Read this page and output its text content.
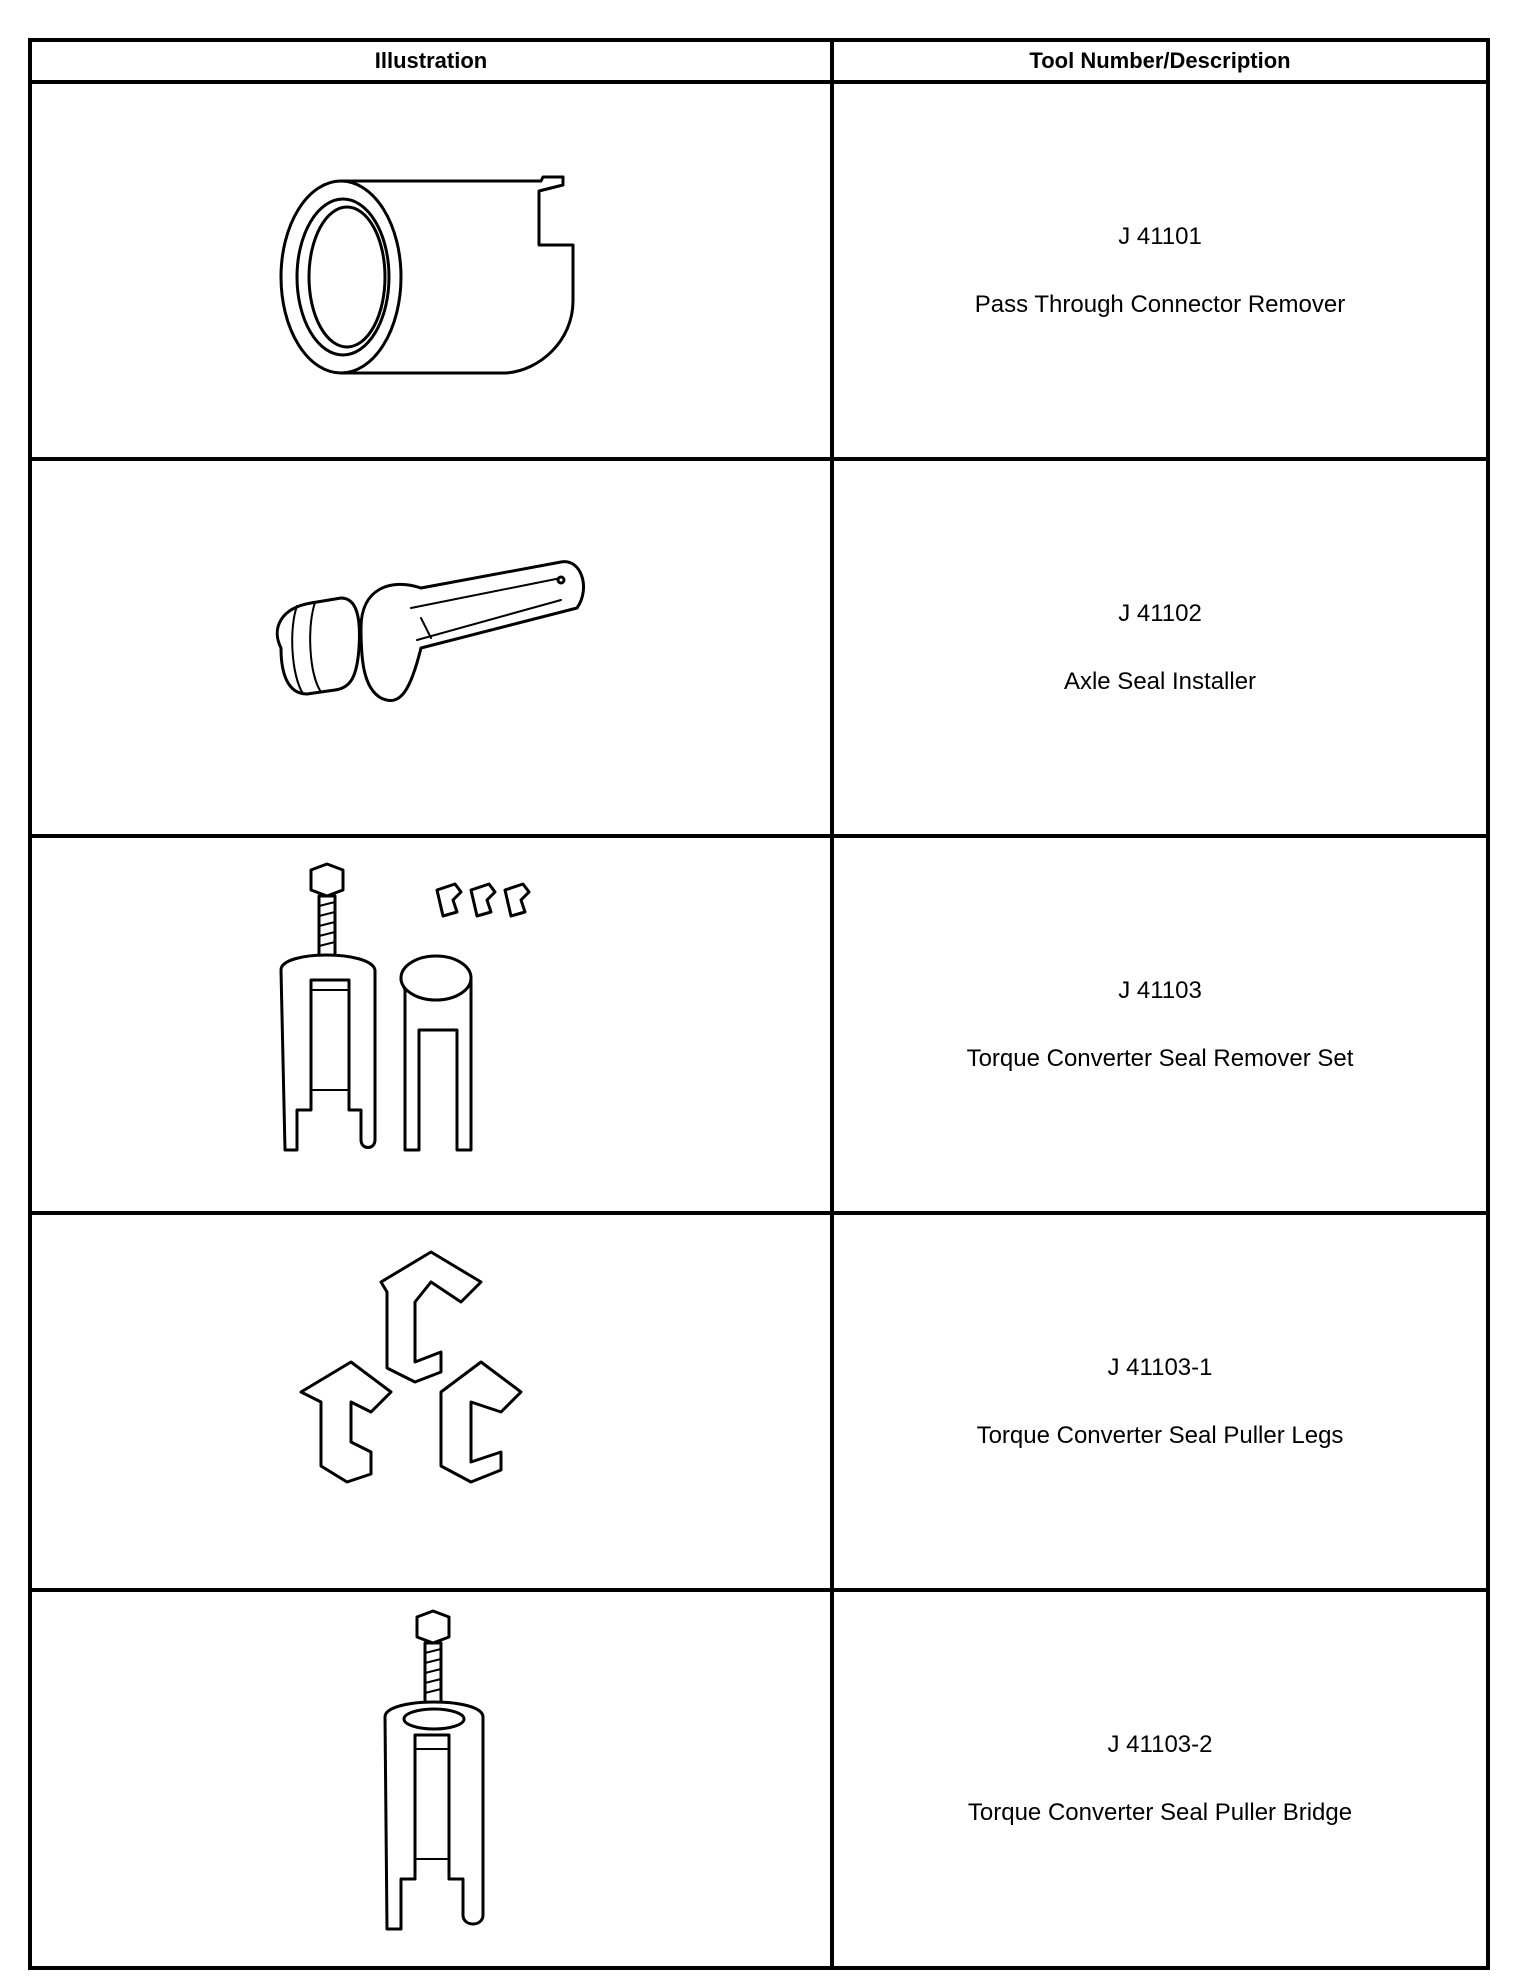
Illustration	Tool Number/Description
J 41101
Pass Through Connector Remover
J 41102
Axle Seal Installer
J 41103
Torque Converter Seal Remover Set
J 41103-1
Torque Converter Seal Puller Legs
J 41103-2
Torque Converter Seal Puller Bridge
